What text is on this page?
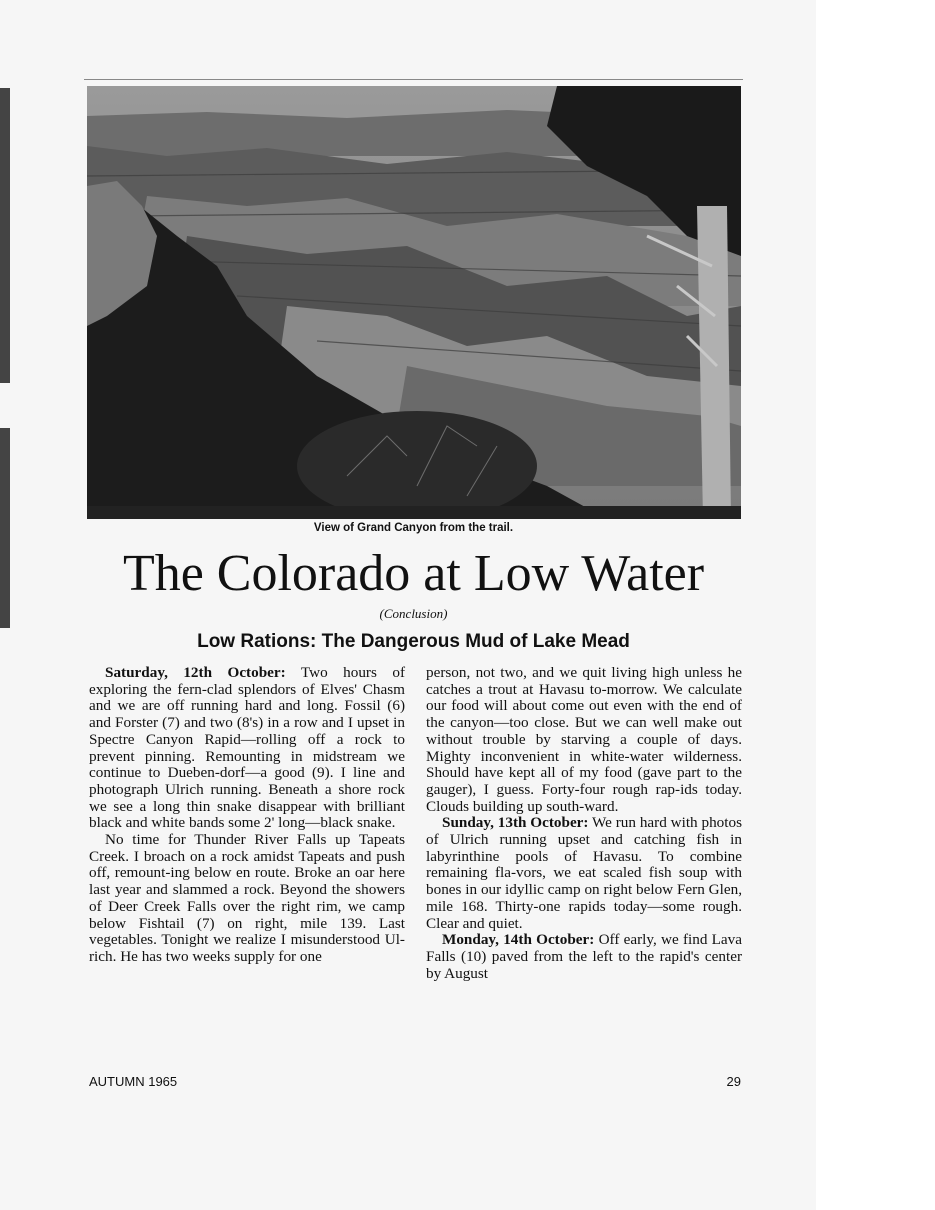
View of Grand Canyon from the trail.
The Colorado at Low Water
(Conclusion)
Low Rations: The Dangerous Mud of Lake Mead

Saturday, 12th October: Two hours of exploring the fern-clad splendors of Elves' Chasm and we are off running hard and long. Fossil (6) and Forster (7) and two (8's) in a row and I upset in Spectre Canyon Rapid—rolling off a rock to prevent pinning. Remounting in midstream we continue to Dueben-dorf—a good (9). I line and photograph Ulrich running. Beneath a shore rock we see a long thin snake disappear with brilliant black and white bands some 2' long—black snake.

No time for Thunder River Falls up Tapeats Creek. I broach on a rock amidst Tapeats and push off, remount-ing below en route. Broke an oar here last year and slammed a rock. Beyond the showers of Deer Creek Falls over the right rim, we camp below Fishtail (7) on right, mile 139. Last vegetables. Tonight we realize I misunderstood Ul-rich. He has two weeks supply for one

person, not two, and we quit living high unless he catches a trout at Havasu to-morrow. We calculate our food will about come out even with the end of the canyon—too close. But we can well make out without trouble by starving a couple of days. Mighty inconvenient in white-water wilderness. Should have kept all of my food (gave part to the gauger), I guess. Forty-four rough rap-ids today. Clouds building up south-ward.

Sunday, 13th October: We run hard with photos of Ulrich running upset and catching fish in labyrinthine pools of Havasu. To combine remaining fla-vors, we eat scaled fish soup with bones in our idyllic camp on right below Fern Glen, mile 168. Thirty-one rapids today—some rough. Clear and quiet.

Monday, 14th October: Off early, we find Lava Falls (10) paved from the left to the rapid's center by August

AUTUMN 1965	29
